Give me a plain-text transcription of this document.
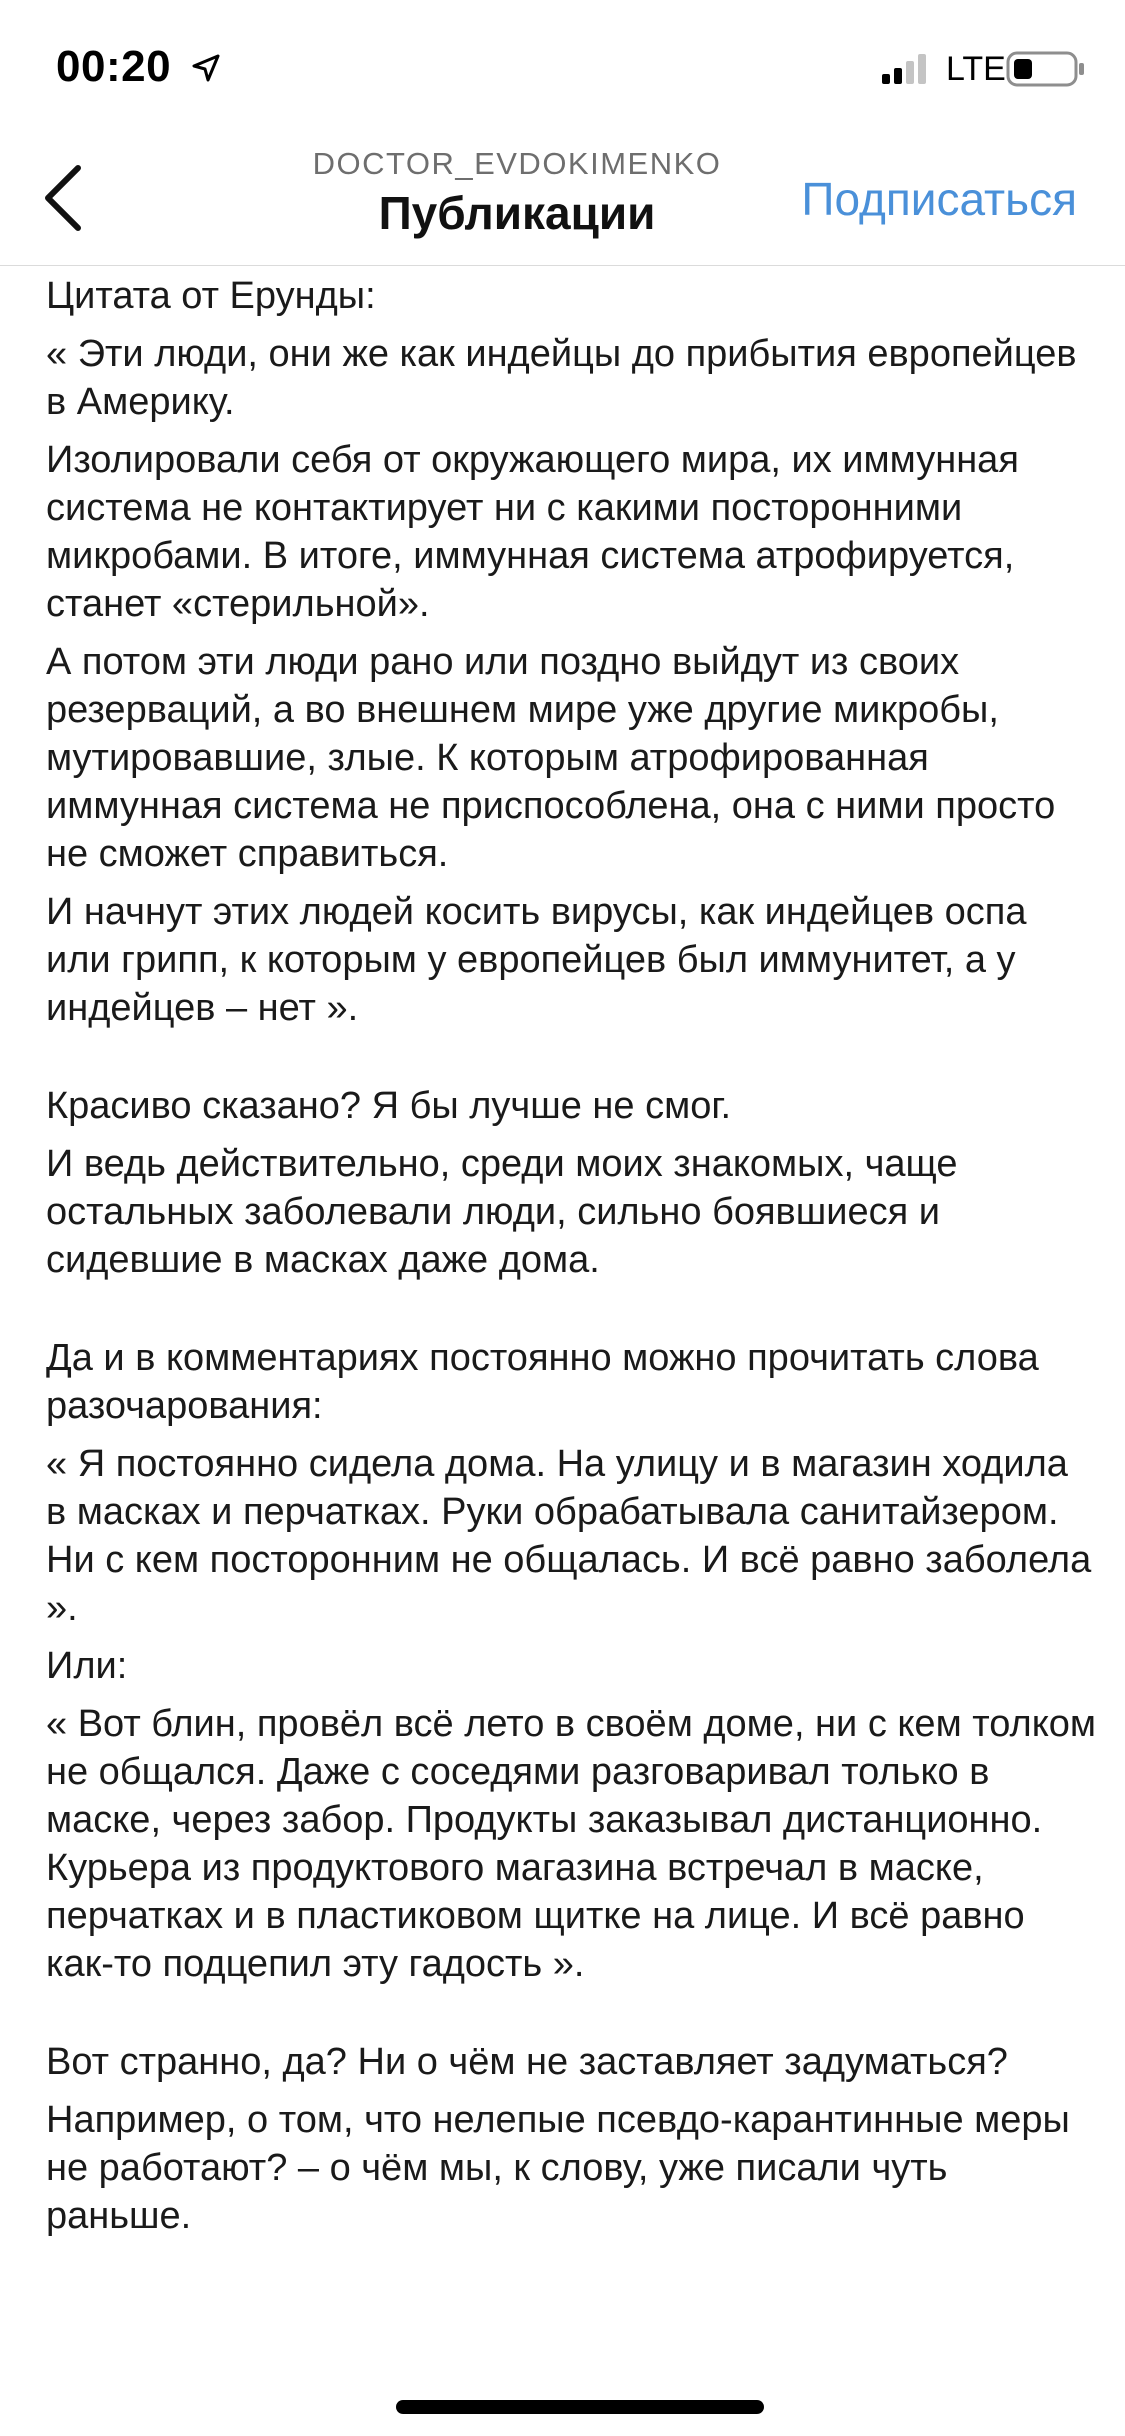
00:20	LTE
DOCTOR_EVDOKIMENKO
Публикации	Подписаться

Цитата от Ерунды:

« Эти люди, они же как индейцы до прибытия европейцев в Америку.

Изолировали себя от окружающего мира, их иммунная система не контактирует ни с какими посторонними микробами. В итоге, иммунная система атрофируется, станет «стерильной».

А потом эти люди рано или поздно выйдут из своих резерваций, а во внешнем мире уже другие микробы, мутировавшие, злые. К которым атрофированная иммунная система не приспособлена, она с ними просто не сможет справиться.

И начнут этих людей косить вирусы, как индейцев оспа или грипп, к которым у европейцев был иммунитет, а у индейцев – нет ».

Красиво сказано? Я бы лучше не смог.

И ведь действительно, среди моих знакомых, чаще остальных заболевали люди, сильно боявшиеся и сидевшие в масках даже дома.

Да и в комментариях постоянно можно прочитать слова разочарования:

« Я постоянно сидела дома. На улицу и в магазин ходила в масках и перчатках. Руки обрабатывала санитайзером. Ни с кем посторонним не общалась. И всё равно заболела ».

Или:

« Вот блин, провёл всё лето в своём доме, ни с кем толком не общался. Даже с соседями разговаривал только в маске, через забор. Продукты заказывал дистанционно. Курьера из продуктового магазина встречал в маске, перчатках и в пластиковом щитке на лице. И всё равно как-то подцепил эту гадость ».

Вот странно, да? Ни о чём не заставляет задуматься?

Например, о том, что нелепые псевдо-карантинные меры не работают? – о чём мы, к слову, уже писали чуть раньше.
